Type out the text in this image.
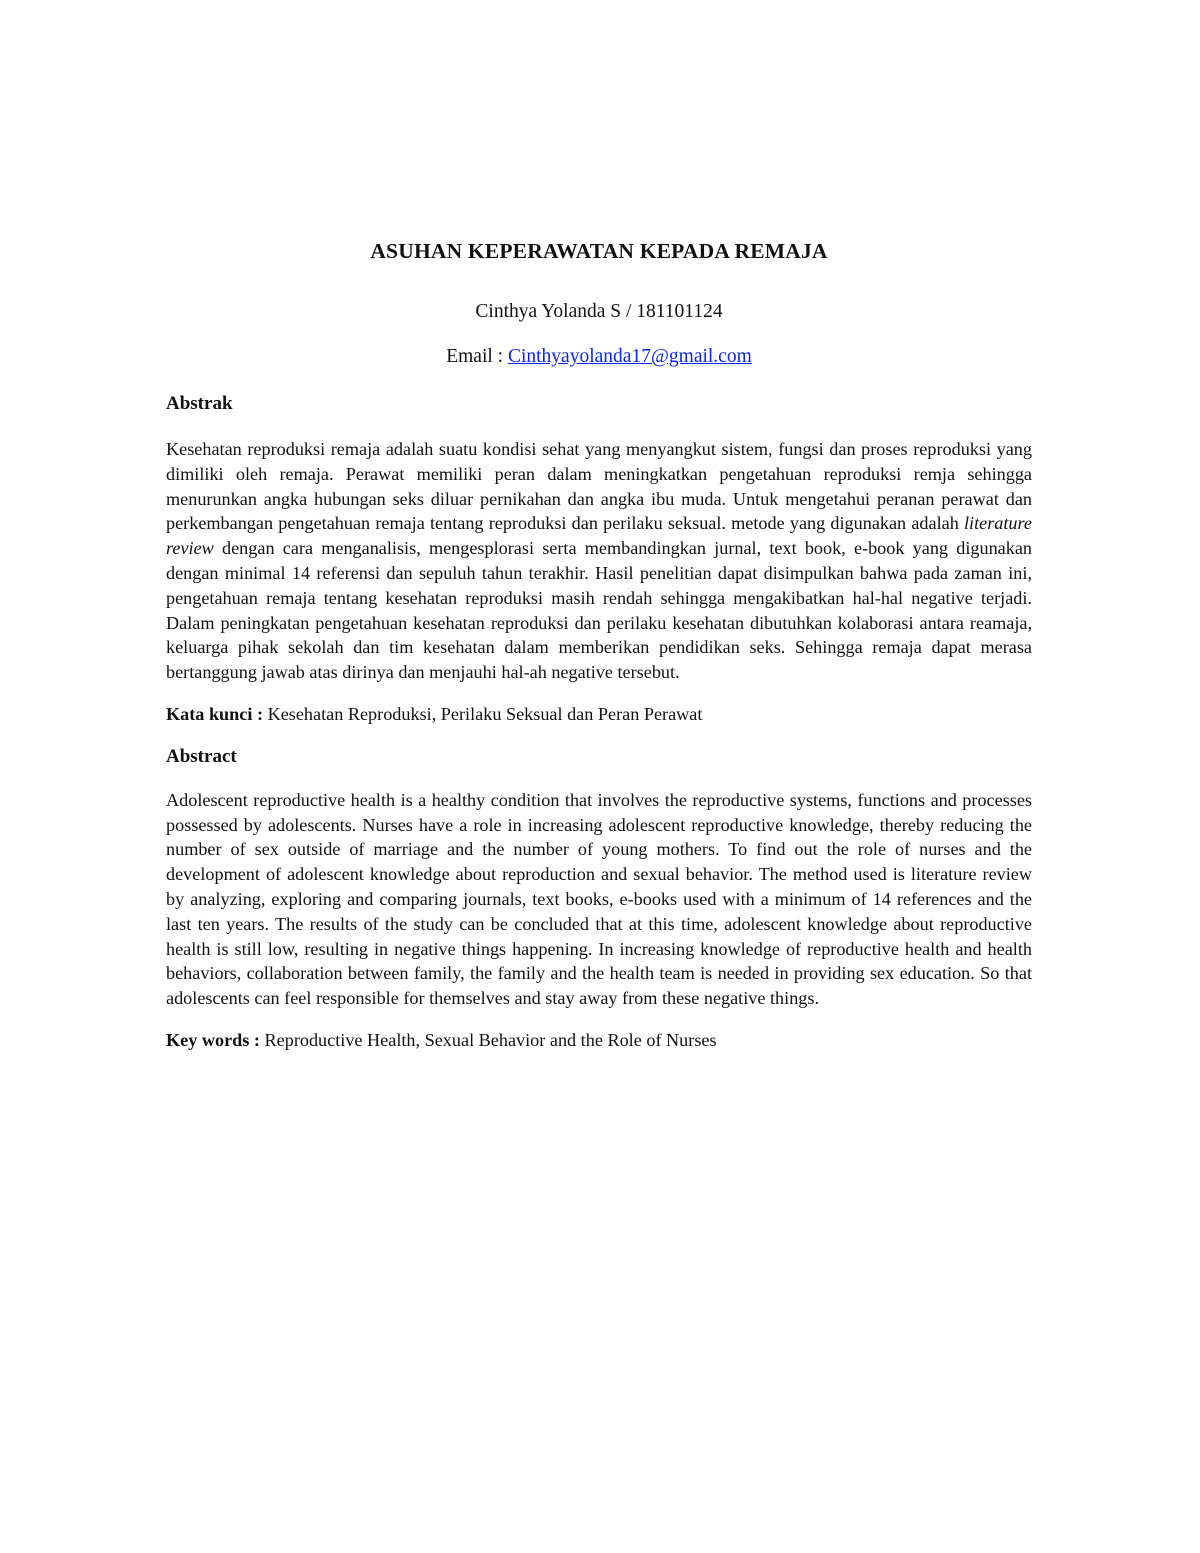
ASUHAN KEPERAWATAN KEPADA REMAJA

Cinthya Yolanda S / 181101124

Email : Cinthyayolanda17@gmail.com

Abstrak

Kesehatan reproduksi remaja adalah suatu kondisi sehat yang menyangkut sistem, fungsi dan proses reproduksi yang dimiliki oleh remaja. Perawat memiliki peran dalam meningkatkan pengetahuan reproduksi remja sehingga menurunkan angka hubungan seks diluar pernikahan dan angka ibu muda. Untuk mengetahui peranan perawat dan perkembangan pengetahuan remaja tentang reproduksi dan perilaku seksual. metode yang digunakan adalah literature review dengan cara menganalisis, mengesplorasi serta membandingkan jurnal, text book, e-book yang digunakan dengan minimal 14 referensi dan sepuluh tahun terakhir. Hasil penelitian dapat disimpulkan bahwa pada zaman ini, pengetahuan remaja tentang kesehatan reproduksi masih rendah sehingga mengakibatkan hal-hal negative terjadi. Dalam peningkatan pengetahuan kesehatan reproduksi dan perilaku kesehatan dibutuhkan kolaborasi antara reamaja, keluarga pihak sekolah dan tim kesehatan dalam memberikan pendidikan seks. Sehingga remaja dapat merasa bertanggung jawab atas dirinya dan menjauhi hal-ah negative tersebut.

Kata kunci : Kesehatan Reproduksi, Perilaku Seksual dan Peran Perawat

Abstract

Adolescent reproductive health is a healthy condition that involves the reproductive systems, functions and processes possessed by adolescents. Nurses have a role in increasing adolescent reproductive knowledge, thereby reducing the number of sex outside of marriage and the number of young mothers. To find out the role of nurses and the development of adolescent knowledge about reproduction and sexual behavior. The method used is literature review by analyzing, exploring and comparing journals, text books, e-books used with a minimum of 14 references and the last ten years. The results of the study can be concluded that at this time, adolescent knowledge about reproductive health is still low, resulting in negative things happening. In increasing knowledge of reproductive health and health behaviors, collaboration between family, the family and the health team is needed in providing sex education. So that adolescents can feel responsible for themselves and stay away from these negative things.

Key words : Reproductive Health, Sexual Behavior and the Role of Nurses
